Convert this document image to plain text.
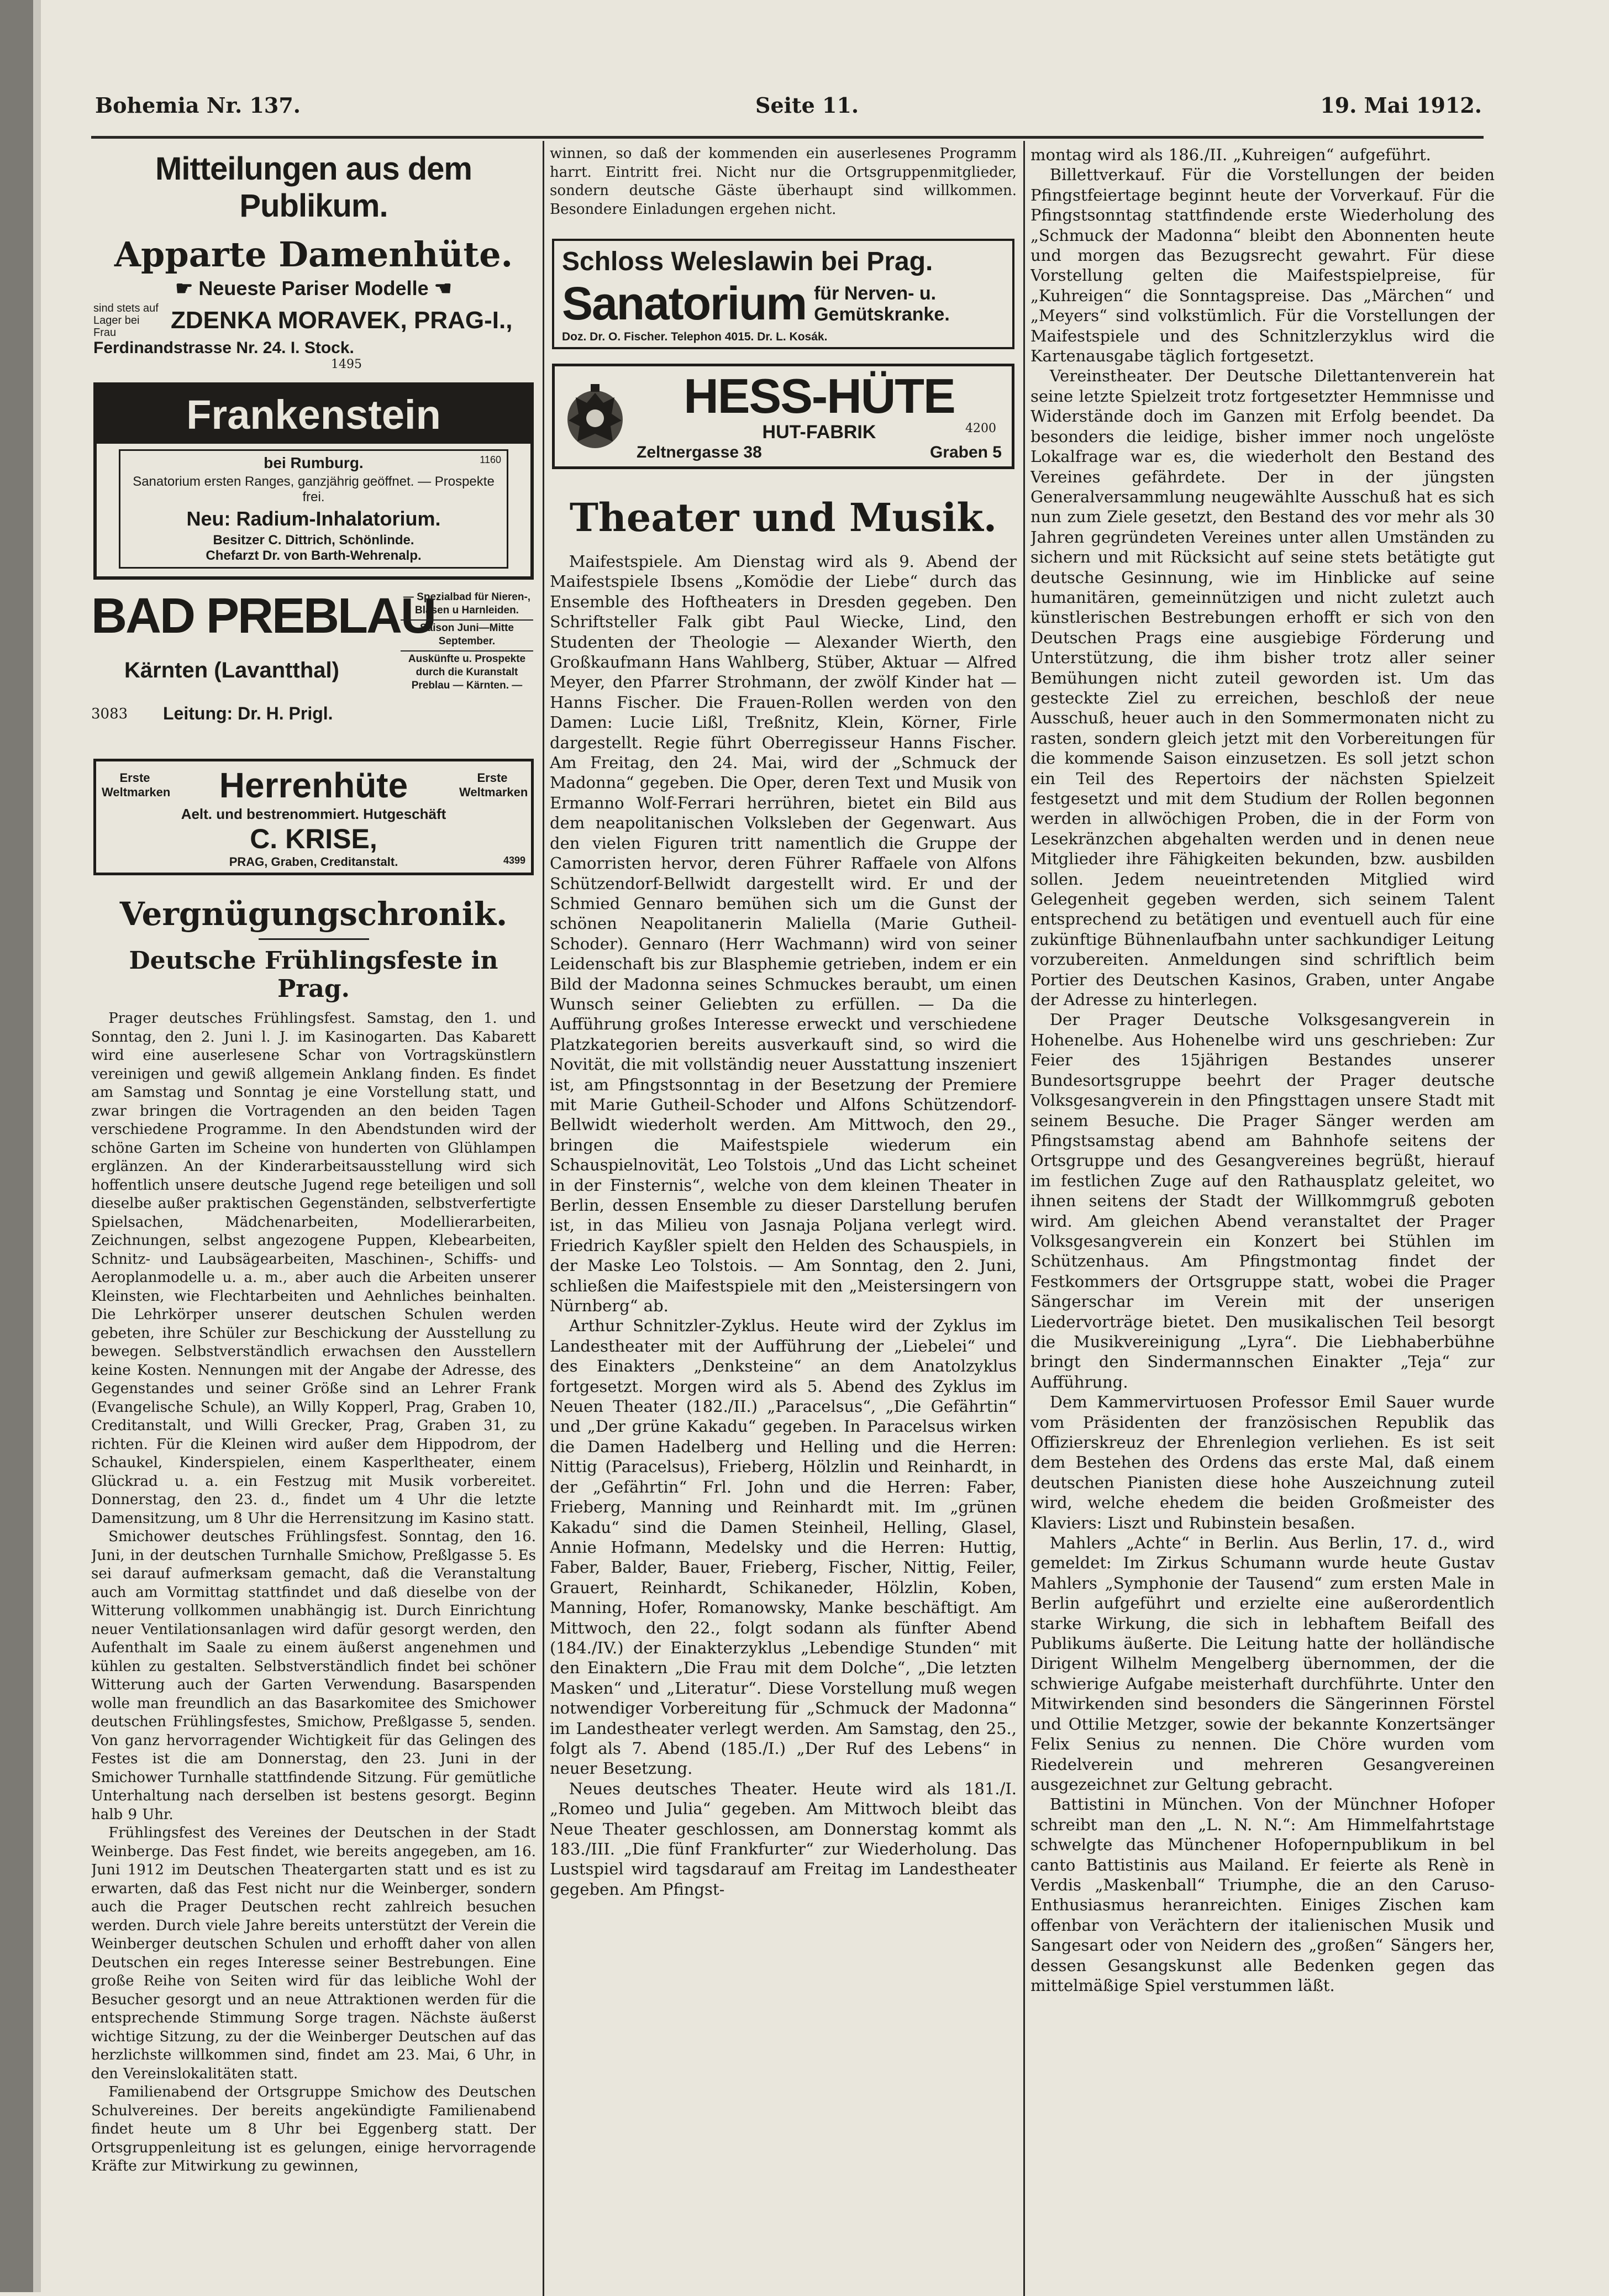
Bohemia Nr. 137.	Seite 11.	19. Mai 1912.
Mitteilungen aus dem Publikum.
Apparte Damenhüte.
☛ Neueste Pariser Modelle ☚
sind stets auf Lager bei Frau	ZDENKA MORAVEK, PRAG-I.,
Ferdinandstrasse Nr. 24. I. Stock.
1495
Frankenstein
bei Rumburg.	1160
Sanatorium ersten Ranges, ganzjährig geöffnet. — Prospekte frei.
Neu: Radium-Inhalatorium.
Besitzer C. Dittrich, Schönlinde.
Chefarzt Dr. von Barth-Wehrenalp.
BAD PREBLAU
— Spezialbad für Nieren-, Blasen u Harnleiden.
Saison Juni—Mitte September.
Auskünfte u. Prospekte durch die Kuranstalt Preblau — Kärnten. —
Kärnten (Lavantthal)
3083 Leitung: Dr. H. Prigl.
Erste Weltmarken Herrenhüte	Erste Weltmarken
Aelt. und bestrenommiert. Hutgeschäft
C. KRISE,
PRAG, Graben, Creditanstalt.	4399
Vergnügungschronik.
Deutsche Frühlingsfeste in Prag.

Prager deutsches Frühlingsfest. Samstag, den 1. und Sonntag, den 2. Juni l. J. im Kasinogarten. Das Kabarett wird eine auserlesene Schar von Vortragskünstlern vereinigen und gewiß allgemein Anklang finden. Es findet am Samstag und Sonntag je eine Vorstellung statt, und zwar bringen die Vortragenden an den beiden Tagen verschiedene Programme. In den Abendstunden wird der schöne Garten im Scheine von hunderten von Glühlampen erglänzen. An der Kinderarbeitsausstellung wird sich hoffentlich unsere deutsche Jugend rege beteiligen und soll dieselbe außer praktischen Gegenständen, selbstverfertigte Spielsachen, Mädchenarbeiten, Modellierarbeiten, Zeichnungen, selbst angezogene Puppen, Klebearbeiten, Schnitz- und Laubsägearbeiten, Maschinen-, Schiffs- und Aeroplanmodelle u. a. m., aber auch die Arbeiten unserer Kleinsten, wie Flechtarbeiten und Aehnliches beinhalten. Die Lehrkörper unserer deutschen Schulen werden gebeten, ihre Schüler zur Beschickung der Ausstellung zu bewegen. Selbstverständlich erwachsen den Ausstellern keine Kosten. Nennungen mit der Angabe der Adresse, des Gegenstandes und seiner Größe sind an Lehrer Frank (Evangelische Schule), an Willy Kopperl, Prag, Graben 10, Creditanstalt, und Willi Grecker, Prag, Graben 31, zu richten. Für die Kleinen wird außer dem Hippodrom, der Schaukel, Kinderspielen, einem Kasperltheater, einem Glückrad u. a. ein Festzug mit Musik vorbereitet. Donnerstag, den 23. d., findet um 4 Uhr die letzte Damensitzung, um 8 Uhr die Herrensitzung im Kasino statt.

Smichower deutsches Frühlingsfest. Sonntag, den 16. Juni, in der deutschen Turnhalle Smichow, Preßlgasse 5. Es sei darauf aufmerksam gemacht, daß die Veranstaltung auch am Vormittag stattfindet und daß dieselbe von der Witterung vollkommen unabhängig ist. Durch Einrichtung neuer Ventilationsanlagen wird dafür gesorgt werden, den Aufenthalt im Saale zu einem äußerst angenehmen und kühlen zu gestalten. Selbstverständlich findet bei schöner Witterung auch der Garten Verwendung. Basarspenden wolle man freundlich an das Basarkomitee des Smichower deutschen Frühlingsfestes, Smichow, Preßlgasse 5, senden. Von ganz hervorragender Wichtigkeit für das Gelingen des Festes ist die am Donnerstag, den 23. Juni in der Smichower Turnhalle stattfindende Sitzung. Für gemütliche Unterhaltung nach derselben ist bestens gesorgt. Beginn halb 9 Uhr.

Frühlingsfest des Vereines der Deutschen in der Stadt Weinberge. Das Fest findet, wie bereits angegeben, am 16. Juni 1912 im Deutschen Theatergarten statt und es ist zu erwarten, daß das Fest nicht nur die Weinberger, sondern auch die Prager Deutschen recht zahlreich besuchen werden. Durch viele Jahre bereits unterstützt der Verein die Weinberger deutschen Schulen und erhofft daher von allen Deutschen ein reges Interesse seiner Bestrebungen. Eine große Reihe von Seiten wird für das leibliche Wohl der Besucher gesorgt und an neue Attraktionen werden für die entsprechende Stimmung Sorge tragen. Nächste äußerst wichtige Sitzung, zu der die Weinberger Deutschen auf das herzlichste willkommen sind, findet am 23. Mai, 6 Uhr, in den Vereinslokalitäten statt.

Familienabend der Ortsgruppe Smichow des Deutschen Schulvereines. Der bereits angekündigte Familienabend findet heute um 8 Uhr bei Eggenberg statt. Der Ortsgruppenleitung ist es gelungen, einige hervorragende Kräfte zur Mitwirkung zu gewinnen,

winnen, so daß der kommenden ein auserlesenes Programm harrt. Eintritt frei. Nicht nur die Ortsgruppenmitglieder, sondern deutsche Gäste überhaupt sind willkommen. Besondere Einladungen ergehen nicht.

Schloss Weleslawin bei Prag.
Sanatorium für Nerven- u.
Gemütskranke.
Doz. Dr. O. Fischer. Telephon 4015. Dr. L. Kosák.
HESS-HÜTE
HUT-FABRIK	4200
Zeltnergasse 38	Graben 5
Theater und Musik.

Maifestspiele. Am Dienstag wird als 9. Abend der Maifestspiele Ibsens „Komödie der Liebe“ durch das Ensemble des Hoftheaters in Dresden gegeben. Den Schriftsteller Falk gibt Paul Wiecke, Lind, den Studenten der Theologie — Alexander Wierth, den Großkaufmann Hans Wahlberg, Stüber, Aktuar — Alfred Meyer, den Pfarrer Strohmann, der zwölf Kinder hat — Hanns Fischer. Die Frauen-Rollen werden von den Damen: Lucie Lißl, Treßnitz, Klein, Körner, Firle dargestellt. Regie führt Oberregisseur Hanns Fischer. Am Freitag, den 24. Mai, wird der „Schmuck der Madonna“ gegeben. Die Oper, deren Text und Musik von Ermanno Wolf-Ferrari herrühren, bietet ein Bild aus dem neapolitanischen Volksleben der Gegenwart. Aus den vielen Figuren tritt namentlich die Gruppe der Camorristen hervor, deren Führer Raffaele von Alfons Schützendorf-Bellwidt dargestellt wird. Er und der Schmied Gennaro bemühen sich um die Gunst der schönen Neapolitanerin Maliella (Marie Gutheil-Schoder). Gennaro (Herr Wachmann) wird von seiner Leidenschaft bis zur Blasphemie getrieben, indem er ein Bild der Madonna seines Schmuckes beraubt, um einen Wunsch seiner Geliebten zu erfüllen. — Da die Aufführung großes Interesse erweckt und verschiedene Platzkategorien bereits ausverkauft sind, so wird die Novität, die mit vollständig neuer Ausstattung inszeniert ist, am Pfingstsonntag in der Besetzung der Premiere mit Marie Gutheil-Schoder und Alfons Schützendorf-Bellwidt wiederholt werden. Am Mittwoch, den 29., bringen die Maifestspiele wiederum ein Schauspielnovität, Leo Tolstois „Und das Licht scheinet in der Finsternis“, welche von dem kleinen Theater in Berlin, dessen Ensemble zu dieser Darstellung berufen ist, in das Milieu von Jasnaja Poljana verlegt wird. Friedrich Kayßler spielt den Helden des Schauspiels, in der Maske Leo Tolstois. — Am Sonntag, den 2. Juni, schließen die Maifestspiele mit den „Meistersingern von Nürnberg“ ab.

Arthur Schnitzler-Zyklus. Heute wird der Zyklus im Landestheater mit der Aufführung der „Liebelei“ und des Einakters „Denksteine“ an dem Anatolzyklus fortgesetzt. Morgen wird als 5. Abend des Zyklus im Neuen Theater (182./II.) „Paracelsus“, „Die Gefährtin“ und „Der grüne Kakadu“ gegeben. In Paracelsus wirken die Damen Hadelberg und Helling und die Herren: Nittig (Paracelsus), Frieberg, Hölzlin und Reinhardt, in der „Gefährtin“ Frl. John und die Herren: Faber, Frieberg, Manning und Reinhardt mit. Im „grünen Kakadu“ sind die Damen Steinheil, Helling, Glasel, Annie Hofmann, Medelsky und die Herren: Huttig, Faber, Balder, Bauer, Frieberg, Fischer, Nittig, Feiler, Grauert, Reinhardt, Schikaneder, Hölzlin, Koben, Manning, Hofer, Romanowsky, Manke beschäftigt. Am Mittwoch, den 22., folgt sodann als fünfter Abend (184./IV.) der Einakterzyklus „Lebendige Stunden“ mit den Einaktern „Die Frau mit dem Dolche“, „Die letzten Masken“ und „Literatur“. Diese Vorstellung muß wegen notwendiger Vorbereitung für „Schmuck der Madonna“ im Landestheater verlegt werden. Am Samstag, den 25., folgt als 7. Abend (185./I.) „Der Ruf des Lebens“ in neuer Besetzung.

Neues deutsches Theater. Heute wird als 181./I. „Romeo und Julia“ gegeben. Am Mittwoch bleibt das Neue Theater geschlossen, am Donnerstag kommt als 183./III. „Die fünf Frankfurter“ zur Wiederholung. Das Lustspiel wird tagsdarauf am Freitag im Landestheater gegeben. Am Pfingst-

montag wird als 186./II. „Kuhreigen“ aufgeführt.

Billettverkauf. Für die Vorstellungen der beiden Pfingstfeiertage beginnt heute der Vorverkauf. Für die Pfingstsonntag stattfindende erste Wiederholung des „Schmuck der Madonna“ bleibt den Abonnenten heute und morgen das Bezugsrecht gewahrt. Für diese Vorstellung gelten die Maifestspielpreise, für „Kuhreigen“ die Sonntagspreise. Das „Märchen“ und „Meyers“ sind volkstümlich. Für die Vorstellungen der Maifestspiele und des Schnitzlerzyklus wird die Kartenausgabe täglich fortgesetzt.

Vereinstheater. Der Deutsche Dilettantenverein hat seine letzte Spielzeit trotz fortgesetzter Hemmnisse und Widerstände doch im Ganzen mit Erfolg beendet. Da besonders die leidige, bisher immer noch ungelöste Lokalfrage war es, die wiederholt den Bestand des Vereines gefährdete. Der in der jüngsten Generalversammlung neugewählte Ausschuß hat es sich nun zum Ziele gesetzt, den Bestand des vor mehr als 30 Jahren gegründeten Vereines unter allen Umständen zu sichern und mit Rücksicht auf seine stets betätigte gut deutsche Gesinnung, wie im Hinblicke auf seine humanitären, gemeinnützigen und nicht zuletzt auch künstlerischen Bestrebungen erhofft er sich von den Deutschen Prags eine ausgiebige Förderung und Unterstützung, die ihm bisher trotz aller seiner Bemühungen nicht zuteil geworden ist. Um das gesteckte Ziel zu erreichen, beschloß der neue Ausschuß, heuer auch in den Sommermonaten nicht zu rasten, sondern gleich jetzt mit den Vorbereitungen für die kommende Saison einzusetzen. Es soll jetzt schon ein Teil des Repertoirs der nächsten Spielzeit festgesetzt und mit dem Studium der Rollen begonnen werden in allwöchigen Proben, die in der Form von Lesekränzchen abgehalten werden und in denen neue Mitglieder ihre Fähigkeiten bekunden, bzw. ausbilden sollen. Jedem neueintretenden Mitglied wird Gelegenheit gegeben werden, sich seinem Talent entsprechend zu betätigen und eventuell auch für eine zukünftige Bühnenlaufbahn unter sachkundiger Leitung vorzubereiten. Anmeldungen sind schriftlich beim Portier des Deutschen Kasinos, Graben, unter Angabe der Adresse zu hinterlegen.

Der Prager Deutsche Volksgesangverein in Hohenelbe. Aus Hohenelbe wird uns geschrieben: Zur Feier des 15jährigen Bestandes unserer Bundesortsgruppe beehrt der Prager deutsche Volksgesangverein in den Pfingsttagen unsere Stadt mit seinem Besuche. Die Prager Sänger werden am Pfingstsamstag abend am Bahnhofe seitens der Ortsgruppe und des Gesangvereines begrüßt, hierauf im festlichen Zuge auf den Rathausplatz geleitet, wo ihnen seitens der Stadt der Willkommgruß geboten wird. Am gleichen Abend veranstaltet der Prager Volksgesangverein ein Konzert bei Stühlen im Schützenhaus. Am Pfingstmontag findet der Festkommers der Ortsgruppe statt, wobei die Prager Sängerschar im Verein mit der unserigen Liedervorträge bietet. Den musikalischen Teil besorgt die Musikvereinigung „Lyra“. Die Liebhaberbühne bringt den Sindermannschen Einakter „Teja“ zur Aufführung.

Dem Kammervirtuosen Professor Emil Sauer wurde vom Präsidenten der französischen Republik das Offizierskreuz der Ehrenlegion verliehen. Es ist seit dem Bestehen des Ordens das erste Mal, daß einem deutschen Pianisten diese hohe Auszeichnung zuteil wird, welche ehedem die beiden Großmeister des Klaviers: Liszt und Rubinstein besaßen.

Mahlers „Achte“ in Berlin. Aus Berlin, 17. d., wird gemeldet: Im Zirkus Schumann wurde heute Gustav Mahlers „Symphonie der Tausend“ zum ersten Male in Berlin aufgeführt und erzielte eine außerordentlich starke Wirkung, die sich in lebhaftem Beifall des Publikums äußerte. Die Leitung hatte der holländische Dirigent Wilhelm Mengelberg übernommen, der die schwierige Aufgabe meisterhaft durchführte. Unter den Mitwirkenden sind besonders die Sängerinnen Förstel und Ottilie Metzger, sowie der bekannte Konzertsänger Felix Senius zu nennen. Die Chöre wurden vom Riedelverein und mehreren Gesangvereinen ausgezeichnet zur Geltung gebracht.

Battistini in München. Von der Münchner Hofoper schreibt man den „L. N. N.“: Am Himmelfahrtstage schwelgte das Münchener Hofopernpublikum in bel canto Battistinis aus Mailand. Er feierte als Renè in Verdis „Maskenball“ Triumphe, die an den Caruso-Enthusiasmus heranreichten. Einiges Zischen kam offenbar von Verächtern der italienischen Musik und Sangesart oder von Neidern des „großen“ Sängers her, dessen Gesangskunst alle Bedenken gegen das mittelmäßige Spiel verstummen läßt.
